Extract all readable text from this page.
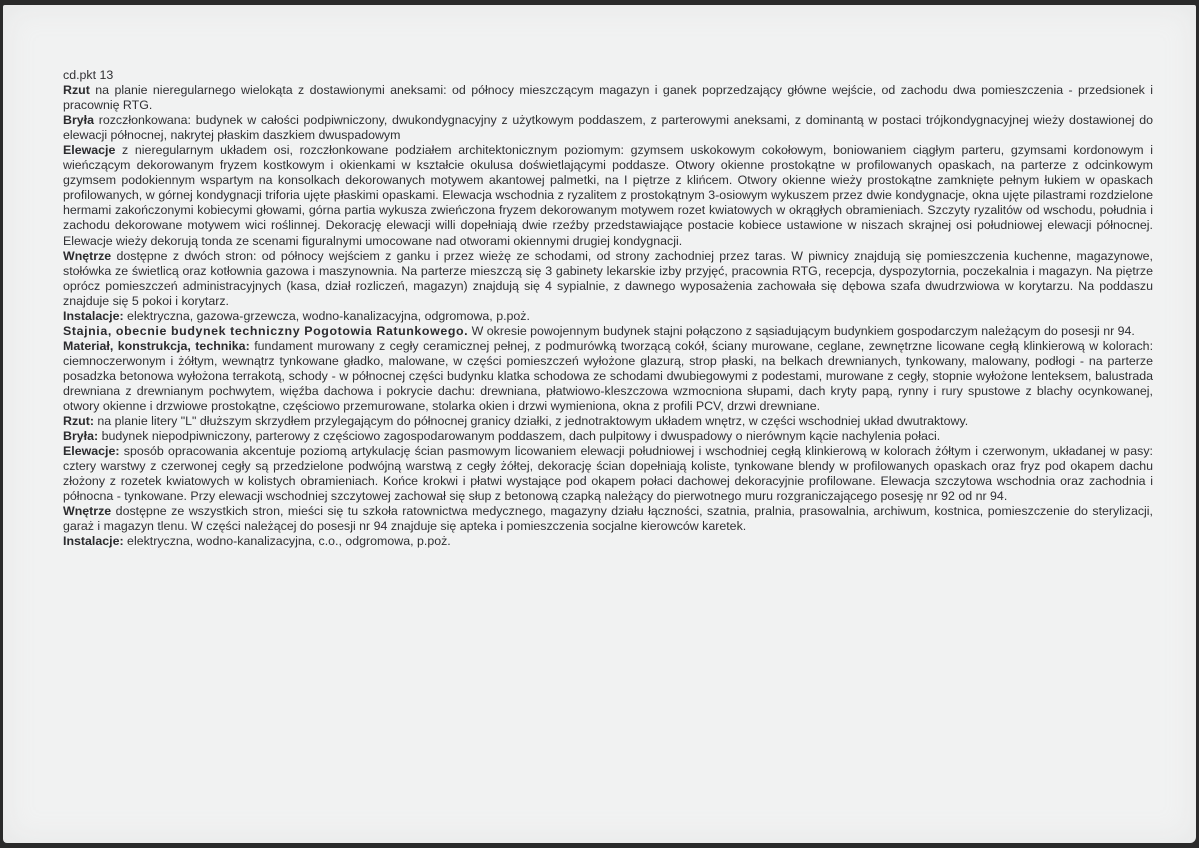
cd.pkt 13

Rzut na planie nieregularnego wielokąta z dostawionymi aneksami: od północy mieszczącym magazyn i ganek poprzedzający główne wejście, od zachodu dwa pomieszczenia - przedsionek i pracownię RTG.

Bryła rozczłonkowana: budynek w całości podpiwniczony, dwukondygnacyjny z użytkowym poddaszem, z parterowymi aneksami, z dominantą w postaci trójkondygnacyjnej wieży dostawionej do elewacji północnej, nakrytej płaskim daszkiem dwuspadowym

Elewacje z nieregularnym układem osi, rozczłonkowane podziałem architektonicznym poziomym: gzymsem uskokowym cokołowym, boniowaniem ciągłym parteru, gzymsami kordonowym i wieńczącym dekorowanym fryzem kostkowym i okienkami w kształcie okulusa doświetlającymi poddasze. Otwory okienne prostokątne w profilowanych opaskach, na parterze z odcinkowym gzymsem podokiennym wspartym na konsolkach dekorowanych motywem akantowej palmetki, na I piętrze z klińcem. Otwory okienne wieży prostokątne zamknięte pełnym łukiem w opaskach profilowanych, w górnej kondygnacji triforia ujęte płaskimi opaskami. Elewacja wschodnia z ryzalitem z prostokątnym 3-osiowym wykuszem przez dwie kondygnacje, okna ujęte pilastrami rozdzielone hermami zakończonymi kobiecymi głowami, górna partia wykusza zwieńczona fryzem dekorowanym motywem rozet kwiatowych w okrągłych obramieniach. Szczyty ryzalitów od wschodu, południa i zachodu dekorowane motywem wici roślinnej. Dekorację elewacji willi dopełniają dwie rzeźby przedstawiające postacie kobiece ustawione w niszach skrajnej osi południowej elewacji północnej. Elewacje wieży dekorują tonda ze scenami figuralnymi umocowane nad otworami okiennymi drugiej kondygnacji.

Wnętrze dostępne z dwóch stron: od północy wejściem z ganku i przez wieżę ze schodami, od strony zachodniej przez taras. W piwnicy znajdują się pomieszczenia kuchenne, magazynowe, stołówka ze świetlicą oraz kotłownia gazowa i maszynownia. Na parterze mieszczą się 3 gabinety lekarskie izby przyjęć, pracownia RTG, recepcja, dyspozytornia, poczekalnia i magazyn. Na piętrze oprócz pomieszczeń administracyjnych (kasa, dział rozliczeń, magazyn) znajdują się 4 sypialnie, z dawnego wyposażenia zachowała się dębowa szafa dwudrzwiowa w korytarzu. Na poddaszu znajduje się 5 pokoi i korytarz.

Instalacje: elektryczna, gazowa-grzewcza, wodno-kanalizacyjna, odgromowa, p.poż.

Stajnia, obecnie budynek techniczny Pogotowia Ratunkowego. W okresie powojennym budynek stajni połączono z sąsiadującym budynkiem gospodarczym należącym do posesji nr 94.

Materiał, konstrukcja, technika: fundament murowany z cegły ceramicznej pełnej, z podmurówką tworzącą cokół, ściany murowane, ceglane, zewnętrzne licowane cegłą klinkierową w kolorach: ciemnoczerwonym i żółtym, wewnątrz tynkowane gładko, malowane, w części pomieszczeń wyłożone glazurą, strop płaski, na belkach drewnianych, tynkowany, malowany, podłogi - na parterze posadzka betonowa wyłożona terrakotą, schody - w północnej części budynku klatka schodowa ze schodami dwubiegowymi z podestami, murowane z cegły, stopnie wyłożone lenteksem, balustrada drewniana z drewnianym pochwytem, więźba dachowa i pokrycie dachu: drewniana, płatwiowo-kleszczowa wzmocniona słupami, dach kryty papą, rynny i rury spustowe z blachy ocynkowanej, otwory okienne i drzwiowe prostokątne, częściowo przemurowane, stolarka okien i drzwi wymieniona, okna z profili PCV, drzwi drewniane.

Rzut: na planie litery "L" dłuższym skrzydłem przylegającym do północnej granicy działki, z jednotraktowym układem wnętrz, w części wschodniej układ dwutraktowy.

Bryła: budynek niepodpiwniczony, parterowy z częściowo zagospodarowanym poddaszem, dach pulpitowy i dwuspadowy o nierównym kącie nachylenia połaci.

Elewacje: sposób opracowania akcentuje poziomą artykulację ścian pasmowym licowaniem elewacji południowej i wschodniej cegłą klinkierową w kolorach żółtym i czerwonym, układanej w pasy: cztery warstwy z czerwonej cegły są przedzielone podwójną warstwą z cegły żółtej, dekorację ścian dopełniają koliste, tynkowane blendy w profilowanych opaskach oraz fryz pod okapem dachu złożony z rozetek kwiatowych w kolistych obramieniach. Końce krokwi i płatwi wystające pod okapem połaci dachowej dekoracyjnie profilowane. Elewacja szczytowa wschodnia oraz zachodnia i północna - tynkowane. Przy elewacji wschodniej szczytowej zachował się słup z betonową czapką należący do pierwotnego muru rozgraniczającego posesję nr 92 od nr 94.

Wnętrze dostępne ze wszystkich stron, mieści się tu szkoła ratownictwa medycznego, magazyny działu łączności, szatnia, pralnia, prasowalnia, archiwum, kostnica, pomieszczenie do sterylizacji, garaż i magazyn tlenu. W części należącej do posesji nr 94 znajduje się apteka i pomieszczenia socjalne kierowców karetek.

Instalacje: elektryczna, wodno-kanalizacyjna, c.o., odgromowa, p.poż.
